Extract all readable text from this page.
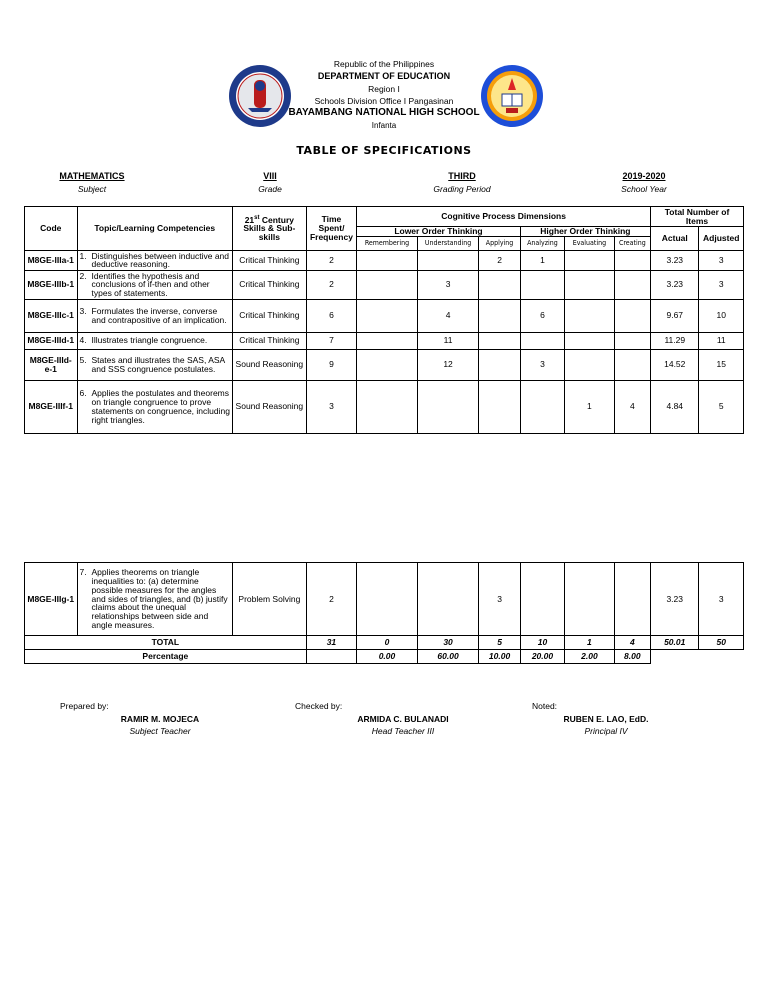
Republic of the Philippines
DEPARTMENT OF EDUCATION
Region I
Schools Division Office I Pangasinan
BAYAMBANG NATIONAL HIGH SCHOOL
Infanta
TABLE OF SPECIFICATIONS
MATHEMATICS
Subject
VIII
Grade
THIRD
Grading Period
2019-2020
School Year
Code	Topic/Learning Competencies	21st Century Skills & Sub-skills	Time Spent/ Frequency	Cognitive Process Dimensions						Total Number of Items	
				Lower Order Thinking			Higher Order Thinking			Actual	Adjusted
				Remembering	Understanding	Applying	Analyzing	Evaluating	Creating		
M8GE-IIIa-1	1. Distinguishes between inductive and deductive reasoning.	Critical Thinking	2			2	1			3.23	3
M8GE-IIIb-1	2. Identifies the hypothesis and conclusions of if-then and other types of statements.	Critical Thinking	2		3					3.23	3
M8GE-IIIc-1	3. Formulates the inverse, converse and contrapositive of an implication.	Critical Thinking	6		4		6			9.67	10
M8GE-IIId-1	4. Illustrates triangle congruence.	Critical Thinking	7		11					11.29	11
M8GE-IIId-e-1	5. States and illustrates the SAS, ASA and SSS congruence postulates.	Sound Reasoning	9		12		3			14.52	15
M8GE-IIIf-1	6. Applies the postulates and theorems on triangle congruence to prove statements on congruence, including right triangles.	Sound Reasoning	3					1	4	4.84	5
M8GE-IIIg-1	7. Applies theorems on triangle inequalities to: (a) determine possible measures for the angles and sides of triangles, and (b) justify claims about the unequal relationships between side and angle measures.	Problem Solving	2			3				3.23	3
TOTAL			31	0	30	5	10	1	4	50.01	50
Percentage				0.00	60.00	10.00	20.00	2.00	8.00		
Prepared by:
RAMIR M. MOJECA
Subject Teacher
Checked by:
ARMIDA C. BULANADI
Head Teacher III
Noted:
RUBEN E. LAO, EdD.
Principal IV
